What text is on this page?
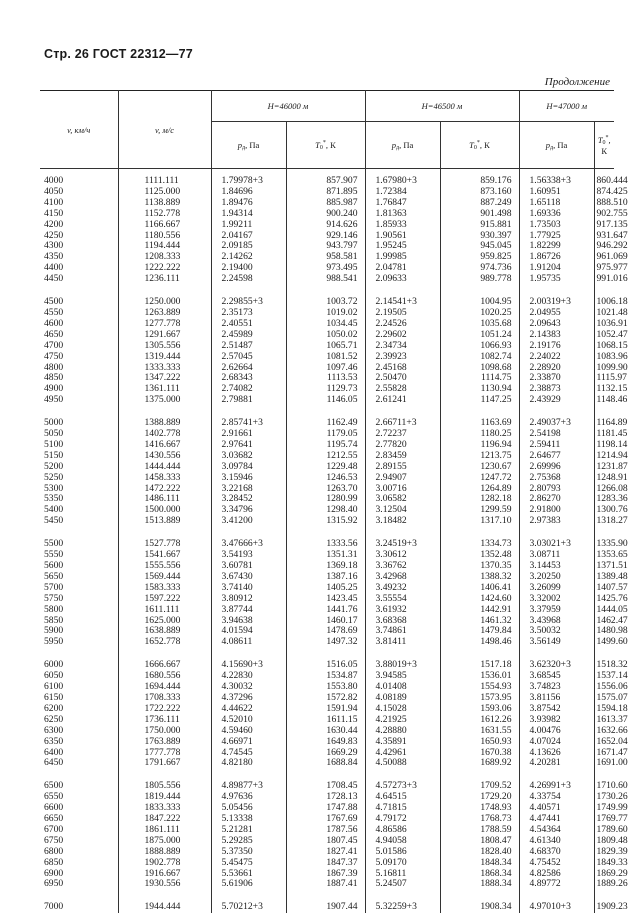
Стр. 26 ГОСТ 22312—77
Продолжение
v, км/ч	v, м/с	H=46000 м		H=46500 м		H=47000 м	
		pд, Па	T0*, К	pд, Па	T0*, К	pд, Па	T0*, К
4000	1111.111	1.79978+3	857.907	1.67980+3	859.176	1.56338+3	860.444
4050	1125.000	1.84696	871.895	1.72384	873.160	1.60951	874.425
4100	1138.889	1.89476	885.987	1.76847	887.249	1.65118	888.510
4150	1152.778	1.94314	900.240	1.81363	901.498	1.69336	902.755
4200	1166.667	1.99211	914.626	1.85933	915.881	1.73503	917.135
4250	1180.556	2.04167	929.146	1.90561	930.397	1.77925	931.647
4300	1194.444	2.09185	943.797	1.95245	945.045	1.82299	946.292
4350	1208.333	2.14262	958.581	1.99985	959.825	1.86726	961.069
4400	1222.222	2.19400	973.495	2.04781	974.736	1.91204	975.977
4450	1236.111	2.24598	988.541	2.09633	989.778	1.95735	991.016

4500	1250.000	2.29855+3	1003.72	2.14541+3	1004.95	2.00319+3	1006.18
4550	1263.889	2.35173	1019.02	2.19505	1020.25	2.04955	1021.48
4600	1277.778	2.40551	1034.45	2.24526	1035.68	2.09643	1036.91
4650	1291.667	2.45989	1050.02	2.29602	1051.24	2.14383	1052.47
4700	1305.556	2.51487	1065.71	2.34734	1066.93	2.19176	1068.15
4750	1319.444	2.57045	1081.52	2.39923	1082.74	2.24022	1083.96
4800	1333.333	2.62664	1097.46	2.45168	1098.68	2.28920	1099.90
4850	1347.222	2.68343	1113.53	2.50470	1114.75	2.33870	1115.97
4900	1361.111	2.74082	1129.73	2.55828	1130.94	2.38873	1132.15
4950	1375.000	2.79881	1146.05	2.61241	1147.25	2.43929	1148.46

5000	1388.889	2.85741+3	1162.49	2.66711+3	1163.69	2.49037+3	1164.89
5050	1402.778	2.91661	1179.05	2.72237	1180.25	2.54198	1181.45
5100	1416.667	2.97641	1195.74	2.77820	1196.94	2.59411	1198.14
5150	1430.556	3.03682	1212.55	2.83459	1213.75	2.64677	1214.94
5200	1444.444	3.09784	1229.48	2.89155	1230.67	2.69996	1231.87
5250	1458.333	3.15946	1246.53	2.94907	1247.72	2.75368	1248.91
5300	1472.222	3.22168	1263.70	3.00716	1264.89	2.80793	1266.08
5350	1486.111	3.28452	1280.99	3.06582	1282.18	2.86270	1283.36
5400	1500.000	3.34796	1298.40	3.12504	1299.59	2.91800	1300.76
5450	1513.889	3.41200	1315.92	3.18482	1317.10	2.97383	1318.27

5500	1527.778	3.47666+3	1333.56	3.24519+3	1334.73	3.03021+3	1335.90
5550	1541.667	3.54193	1351.31	3.30612	1352.48	3.08711	1353.65
5600	1555.556	3.60781	1369.18	3.36762	1370.35	3.14453	1371.51
5650	1569.444	3.67430	1387.16	3.42968	1388.32	3.20250	1389.48
5700	1583.333	3.74140	1405.25	3.49232	1406.41	3.26099	1407.57
5750	1597.222	3.80912	1423.45	3.55554	1424.60	3.32002	1425.76
5800	1611.111	3.87744	1441.76	3.61932	1442.91	3.37959	1444.05
5850	1625.000	3.94638	1460.17	3.68368	1461.32	3.43968	1462.47
5900	1638.889	4.01594	1478.69	3.74861	1479.84	3.50032	1480.98
5950	1652.778	4.08611	1497.32	3.81411	1498.46	3.56149	1499.60

6000	1666.667	4.15690+3	1516.05	3.88019+3	1517.18	3.62320+3	1518.32
6050	1680.556	4.22830	1534.87	3.94585	1536.01	3.68545	1537.14
6100	1694.444	4.30032	1553.80	4.01408	1554.93	3.74823	1556.06
6150	1708.333	4.37296	1572.82	4.08189	1573.95	3.81156	1575.07
6200	1722.222	4.44622	1591.94	4.15028	1593.06	3.87542	1594.18
6250	1736.111	4.52010	1611.15	4.21925	1612.26	3.93982	1613.37
6300	1750.000	4.59460	1630.44	4.28880	1631.55	4.00476	1632.66
6350	1763.889	4.66971	1649.83	4.35891	1650.93	4.07024	1652.04
6400	1777.778	4.74545	1669.29	4.42961	1670.38	4.13626	1671.47
6450	1791.667	4.82180	1688.84	4.50088	1689.92	4.20281	1691.00

6500	1805.556	4.89877+3	1708.45	4.57273+3	1709.52	4.26991+3	1710.60
6550	1819.444	4.97636	1728.13	4.64515	1729.20	4.33754	1730.26
6600	1833.333	5.05456	1747.88	4.71815	1748.93	4.40571	1749.99
6650	1847.222	5.13338	1767.69	4.79172	1768.73	4.47441	1769.77
6700	1861.111	5.21281	1787.56	4.86586	1788.59	4.54364	1789.60
6750	1875.000	5.29285	1807.45	4.94058	1808.47	4.61340	1809.48
6800	1888.889	5.37350	1827.41	5.01586	1828.40	4.68370	1829.39
6850	1902.778	5.45475	1847.37	5.09170	1848.34	4.75452	1849.33
6900	1916.667	5.53661	1867.39	5.16811	1868.34	4.82586	1869.29
6950	1930.556	5.61906	1887.41	5.24507	1888.34	4.89772	1889.26

7000	1944.444	5.70212+3	1907.44	5.32259+3	1908.34	4.97010+3	1909.23
